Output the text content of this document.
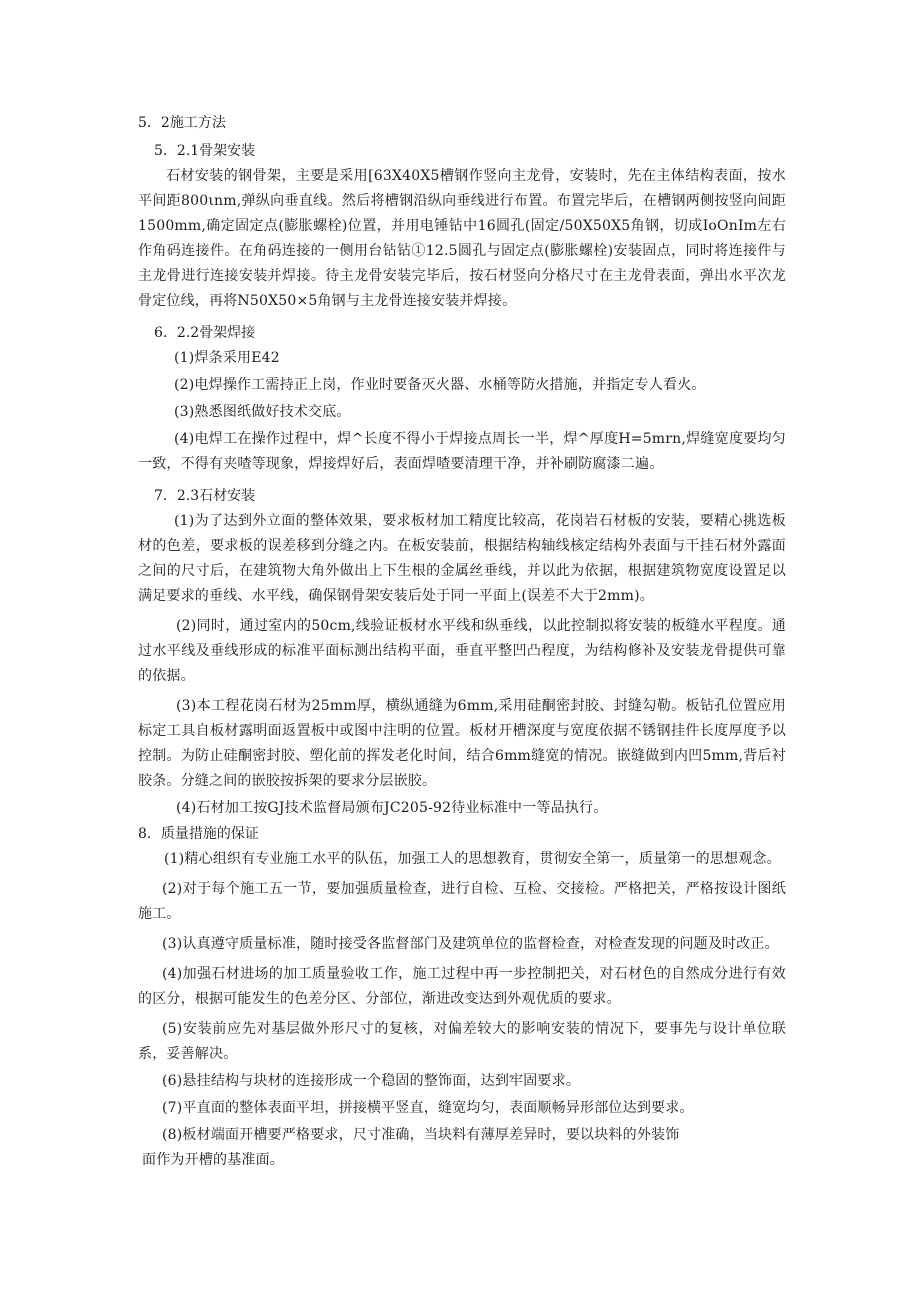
5．2施工方法

5．2.1骨架安装

石材安装的钢骨架，主要是采用[63X40X5槽钢作竖向主龙骨，安装时，先在主体结构表面，按水平间距800ιnm,弹纵向垂直线。然后将槽钢沿纵向垂线进行布置。布置完毕后，在槽钢两侧按竖向间距1500mm,确定固定点(膨胀螺栓)位置，并用电锤钻中16圆孔(固定/50X50X5角钢，切成IoOnIm左右作角码连接件。在角码连接的一侧用台钻钻①12.5圆孔与固定点(膨胀螺栓)安装固点，同时将连接件与主龙骨进行连接安装并焊接。待主龙骨安装完毕后，按石材竖向分格尺寸在主龙骨表面，弹出水平次龙骨定位线，再将N50X50×5角钢与主龙骨连接安装并焊接。

6．2.2骨架焊接

(1)焊条采用E42

(2)电焊操作工需持正上岗，作业时要备灭火器、水桶等防火措施，并指定专人看火。

(3)熟悉图纸做好技术交底。

(4)电焊工在操作过程中，焊^长度不得小于焊接点周长一半，焊^厚度H=5mrn,焊缝宽度要均匀一致，不得有夹喳等现象，焊接焊好后，表面焊喳要清理干净，并补刷防腐漆二遍。

7．2.3石材安装

(1)为了达到外立面的整体效果，要求板材加工精度比较高，花岗岩石材板的安装，要精心挑选板材的色差，要求板的误差移到分缝之内。在板安装前，根据结构轴线核定结构外表面与干挂石材外露面之间的尺寸后，在建筑物大角外做出上下生根的金属丝垂线，并以此为依据，根据建筑物宽度设置足以满足要求的垂线、水平线，确保钢骨架安装后处于同一平面上(误差不大于2mm)。

(2)同时，通过室内的50cm,线验证板材水平线和纵垂线，以此控制拟将安装的板缝水平程度。通过水平线及垂线形成的标准平面标测出结构平面，垂直平整凹凸程度，为结构修补及安装龙骨提供可靠的依据。

(3)本工程花岗石材为25mm厚，横纵通缝为6mm,采用硅酮密封胶、封缝勾勒。板钻孔位置应用标定工具自板材露明面返置板中或图中注明的位置。板材开槽深度与宽度依据不锈钢挂件长度厚度予以控制。为防止硅酮密封胶、塑化前的挥发老化时间，结合6mm缝宽的情况。嵌缝做到内凹5mm,背后衬胶条。分缝之间的嵌胶按拆架的要求分层嵌胶。

(4)石材加工按GJ技术监督局颁布JC205-92待业标准中一等品执行。

8．质量措施的保证

(1)精心组织有专业施工水平的队伍，加强工人的思想教育，贯彻安全第一，质量第一的思想观念。

(2)对于每个施工五一节，要加强质量检查，进行自检、互检、交接检。严格把关，严格按设计图纸施工。

(3)认真遵守质量标准，随时接受各监督部门及建筑单位的监督检查，对检查发现的问题及时改正。

(4)加强石材进场的加工质量验收工作，施工过程中再一步控制把关，对石材色的自然成分进行有效的区分，根据可能发生的色差分区、分部位，渐进改变达到外观优质的要求。

(5)安装前应先对基层做外形尺寸的复核，对偏差较大的影响安装的情况下，要事先与设计单位联系，妥善解决。

(6)悬挂结构与块材的连接形成一个稳固的整饰面，达到牢固要求。

(7)平直面的整体表面平坦，拼接横平竖直，缝宽均匀，表面顺畅异形部位达到要求。

(8)板材端面开槽要严格要求，尺寸准确，当块料有薄厚差异时，要以块料的外装饰

面作为开槽的基准面。
